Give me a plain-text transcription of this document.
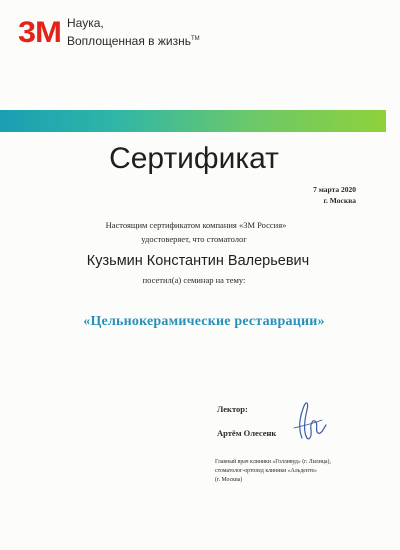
3M Наука,
Воплощенная в жизнь™
Сертификат
7 марта 2020
г. Москва
Настоящим сертификатом компания «3M Россия»
удостоверяет, что стоматолог
Кузьмин Константин Валерьевич
посетил(а) семинар на тему:
«Цельнокерамические реставрации»
Лектор:
Артём Олесенк
Главный врач клиники «Голливуд» (г. Лилица),
стоматолог-ортопед клиники «Альденте»
(г. Москва)
